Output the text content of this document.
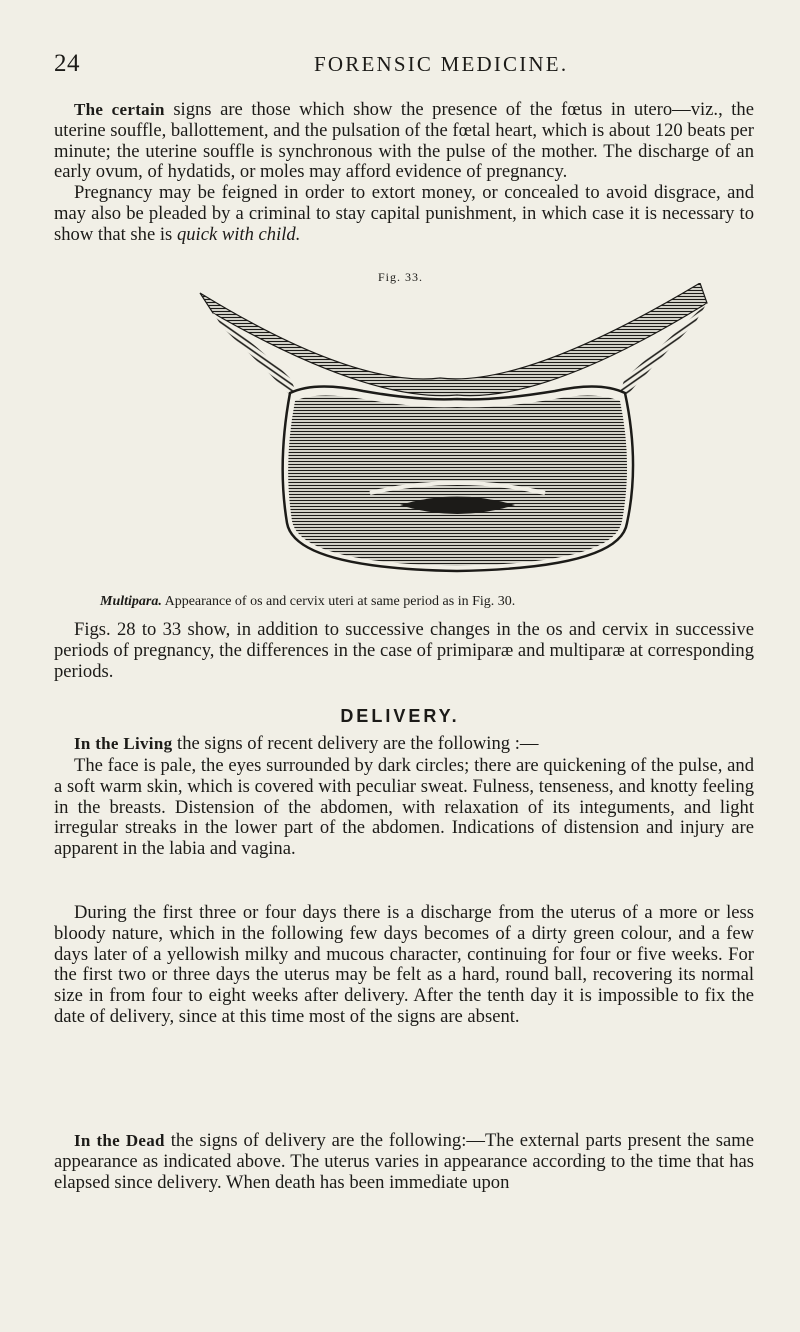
24	FORENSIC MEDICINE.

The certain signs are those which show the presence of the fœtus in utero—viz., the uterine souffle, ballottement, and the pulsation of the fœtal heart, which is about 120 beats per minute; the uterine souffle is synchronous with the pulse of the mother. The discharge of an early ovum, of hydatids, or moles may afford evidence of pregnancy.

Pregnancy may be feigned in order to extort money, or concealed to avoid disgrace, and may also be pleaded by a criminal to stay capital punishment, in which case it is necessary to show that she is quick with child.

Fig. 33.
Multipara. Appearance of os and cervix uteri at same period as in Fig. 30.

Figs. 28 to 33 show, in addition to successive changes in the os and cervix in successive periods of pregnancy, the differences in the case of primiparæ and multiparæ at corresponding periods.

DELIVERY.

In the Living the signs of recent delivery are the following :—

The face is pale, the eyes surrounded by dark circles; there are quickening of the pulse, and a soft warm skin, which is covered with peculiar sweat. Fulness, tenseness, and knotty feeling in the breasts. Distension of the abdomen, with relaxation of its integuments, and light irregular streaks in the lower part of the abdomen. Indications of distension and injury are apparent in the labia and vagina.

During the first three or four days there is a discharge from the uterus of a more or less bloody nature, which in the following few days becomes of a dirty green colour, and a few days later of a yellowish milky and mucous character, continuing for four or five weeks. For the first two or three days the uterus may be felt as a hard, round ball, recovering its normal size in from four to eight weeks after delivery. After the tenth day it is impossible to fix the date of delivery, since at this time most of the signs are absent.

In the Dead the signs of delivery are the following:—The external parts present the same appearance as indicated above. The uterus varies in appearance according to the time that has elapsed since delivery. When death has been immediate upon
